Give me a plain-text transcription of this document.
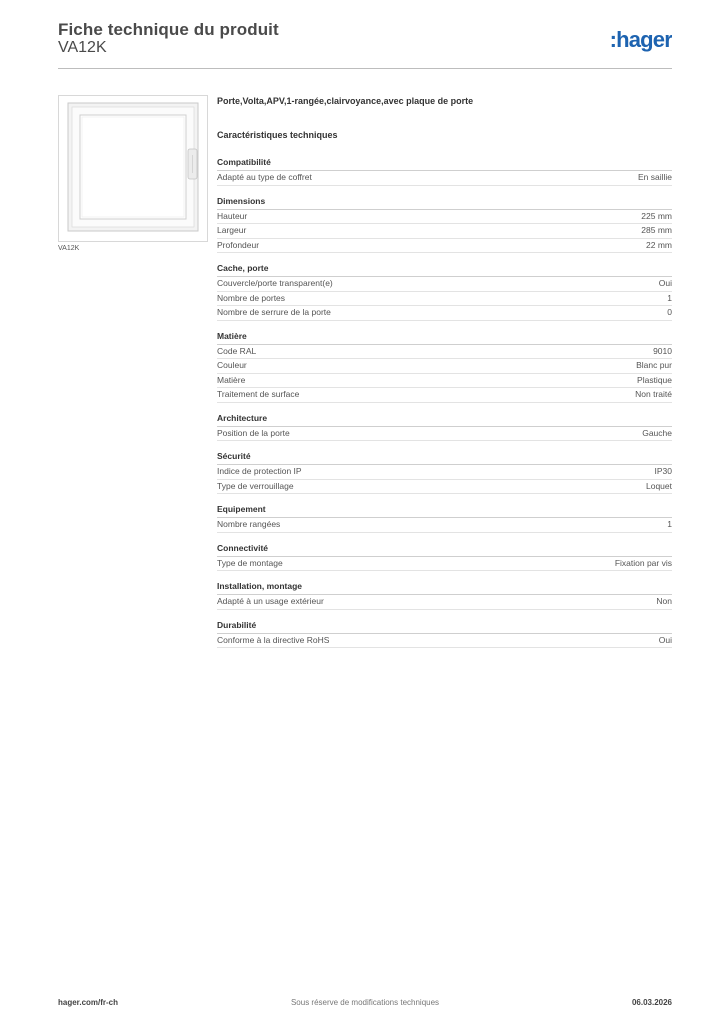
Fiche technique du produit
VA12K	:hager
VA12K
Porte,Volta,APV,1-rangée,clairvoyance,avec plaque de porte
Caractéristiques techniques
Compatibilité
Adapté au type de coffret	En saillie
Dimensions
Hauteur	225 mm
Largeur	285 mm
Profondeur	22 mm
Cache, porte
Couvercle/porte transparent(e)	Oui
Nombre de portes	1
Nombre de serrure de la porte	0
Matière
Code RAL	9010
Couleur	Blanc pur
Matière	Plastique
Traitement de surface	Non traité
Architecture
Position de la porte	Gauche
Sécurité
Indice de protection IP	IP30
Type de verrouillage	Loquet
Equipement
Nombre rangées	1
Connectivité
Type de montage	Fixation par vis
Installation, montage
Adapté à un usage extérieur	Non
Durabilité
Conforme à la directive RoHS	Oui
hager.com/fr-ch	Sous réserve de modifications techniques	06.03.2026
